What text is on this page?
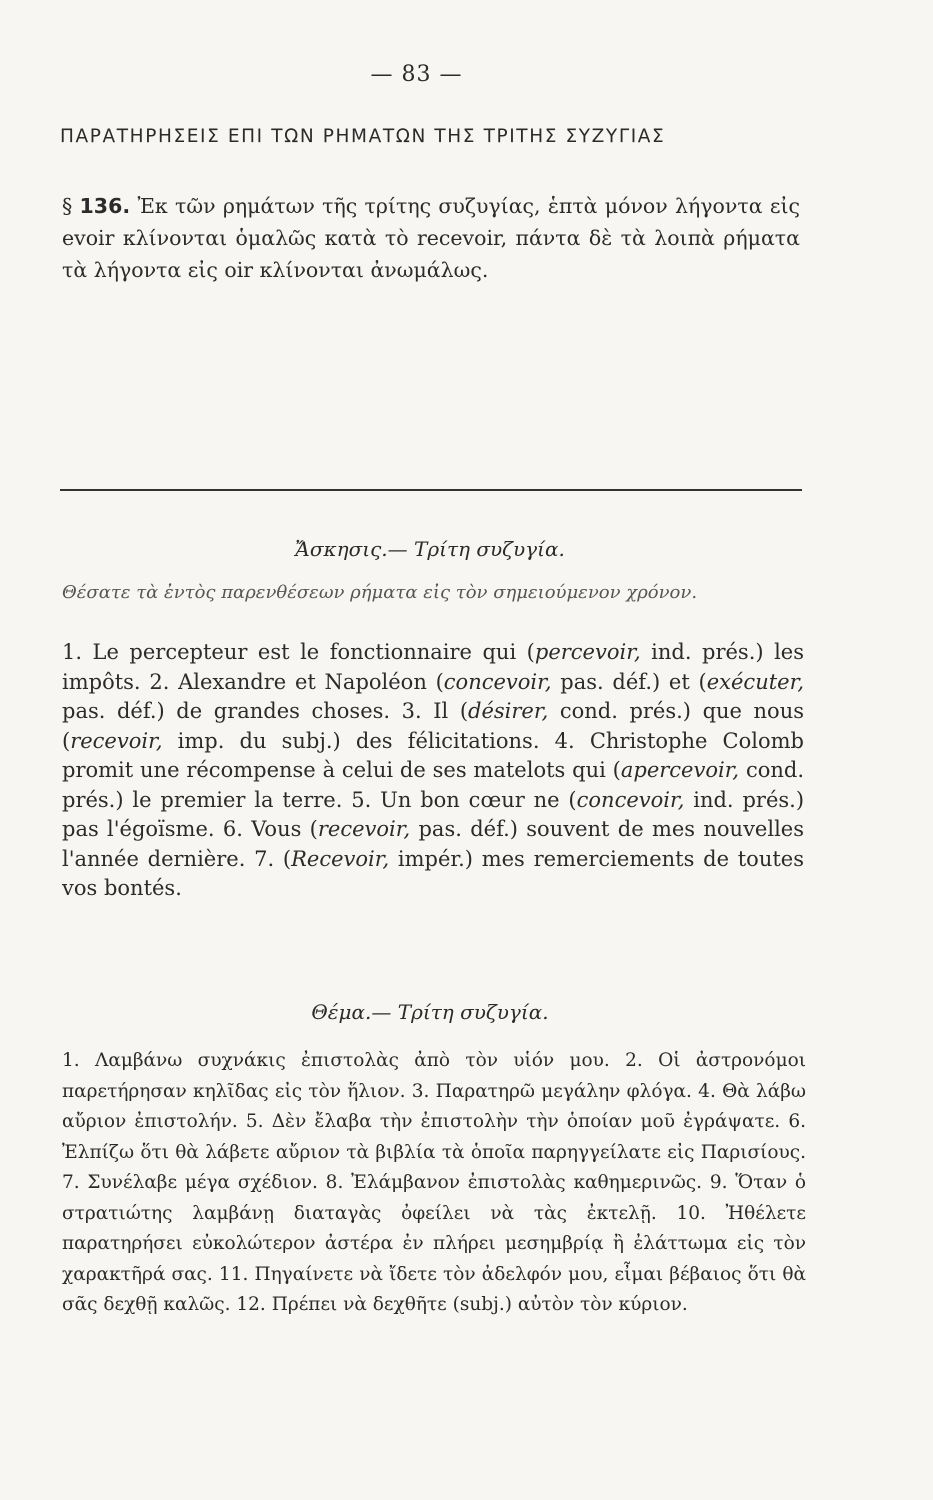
— 83 —
ΠΑΡΑΤΗΡΗΣΕΙΣ ΕΠΙ ΤΩΝ ΡΗΜΑΤΩΝ ΤΗΣ ΤΡΙΤΗΣ ΣΥΖΥΓΙΑΣ
§ 136. Ἐκ τῶν ρημάτων τῆς τρίτης συζυγίας, ἑπτὰ μόνον λήγοντα εἰς evoir κλίνονται ὁμαλῶς κατὰ τὸ recevoir, πάντα δὲ τὰ λοιπὰ ρήματα τὰ λήγοντα εἰς oir κλίνονται ἀνωμάλως.
Ἄσκησις.— Τρίτη συζυγία.
Θέσατε τὰ ἐντὸς παρενθέσεων ρήματα εἰς τὸν σημειούμενον χρόνον.
1. Le percepteur est le fonctionnaire qui (percevoir, ind. prés.) les impôts. 2. Alexandre et Napoléon (concevoir, pas. déf.) et (exécuter, pas. déf.) de grandes choses. 3. Il (désirer, cond. prés.) que nous (recevoir, imp. du subj.) des félicitations. 4. Christophe Colomb promit une récompense à celui de ses matelots qui (apercevoir, cond. prés.) le premier la terre. 5. Un bon cœur ne (concevoir, ind. prés.) pas l'égoïsme. 6. Vous (recevoir, pas. déf.) souvent de mes nouvelles l'année dernière. 7. (Recevoir, impér.) mes remerciements de toutes vos bontés.
Θέμα.— Τρίτη συζυγία.
1. Λαμβάνω συχνάκις ἐπιστολὰς ἀπὸ τὸν υἱόν μου. 2. Οἱ ἀστρονόμοι παρετήρησαν κηλῖδας εἰς τὸν ἥλιον. 3. Παρατηρῶ μεγάλην φλόγα. 4. Θὰ λάβω αὔριον ἐπιστολήν. 5. Δὲν ἔλαβα τὴν ἐπιστολὴν τὴν ὁποίαν μοῦ ἐγράψατε. 6. Ἐλπίζω ὅτι θὰ λάβετε αὔριον τὰ βιβλία τὰ ὁποῖα παρηγγείλατε εἰς Παρισίους. 7. Συνέλαβε μέγα σχέδιον. 8. Ἐλάμβανον ἐπιστολὰς καθημερινῶς. 9. Ὅταν ὁ στρατιώτης λαμβάνῃ διαταγὰς ὀφείλει νὰ τὰς ἐκτελῇ. 10. Ἠθέλετε παρατηρήσει εὐκολώτερον ἀστέρα ἐν πλήρει μεσημβρίᾳ ἢ ἐλάττωμα εἰς τὸν χαρακτῆρά σας. 11. Πηγαίνετε νὰ ἴδετε τὸν ἀδελφόν μου, εἶμαι βέβαιος ὅτι θὰ σᾶς δεχθῇ καλῶς. 12. Πρέπει νὰ δεχθῆτε (subj.) αὐτὸν τὸν κύριον.
